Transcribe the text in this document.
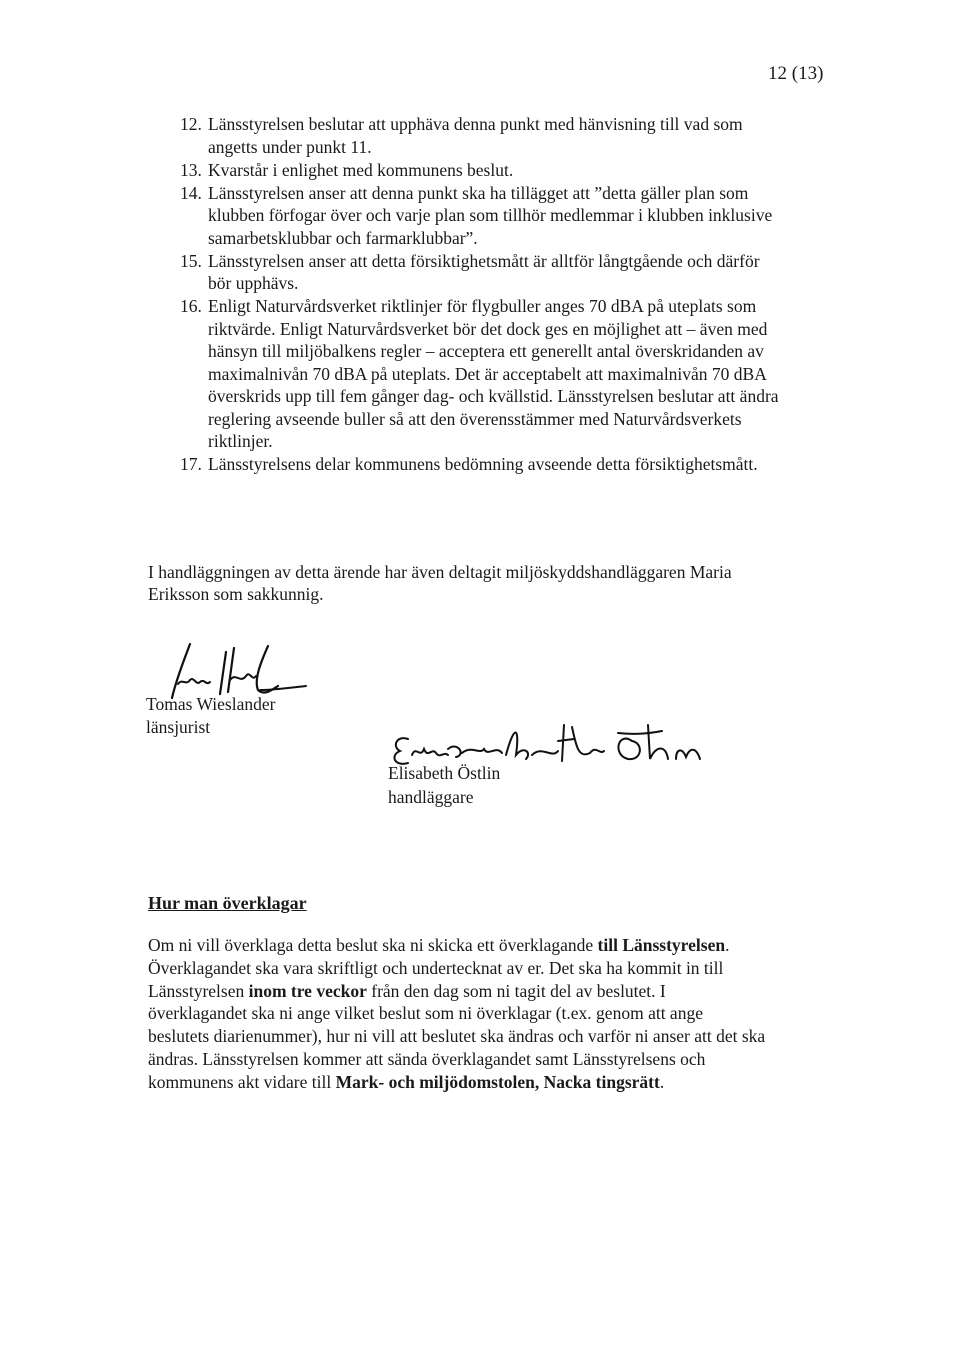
12 (13)
12. Länsstyrelsen beslutar att upphäva denna punkt med hänvisning till vad som angetts under punkt 11.
13. Kvarstår i enlighet med kommunens beslut.
14. Länsstyrelsen anser att denna punkt ska ha tillägget att ”detta gäller plan som klubben förfogar över och varje plan som tillhör medlemmar i klubben inklusive samarbetsklubbar och farmarklubbar”.
15. Länsstyrelsen anser att detta försiktighetsmått är alltför långtgående och därför bör upphävs.
16. Enligt Naturvårdsverket riktlinjer för flygbuller anges 70 dBA på uteplats som riktvärde. Enligt Naturvårdsverket bör det dock ges en möjlighet att – även med hänsyn till miljöbalkens regler – acceptera ett generellt antal överskridanden av maximalnivån 70 dBA på uteplats. Det är acceptabelt att maximalnivån 70 dBA överskrids upp till fem gånger dag- och kvällstid. Länsstyrelsen beslutar att ändra reglering avseende buller så att den överensstämmer med Naturvårdsverkets riktlinjer.
17. Länsstyrelsens delar kommunens bedömning avseende detta försiktighetsmått.

I handläggningen av detta ärende har även deltagit miljöskyddshandläggaren Maria Eriksson som sakkunnig.

Tomas Wieslander
länsjurist
Elisabeth Östlin
handläggare
Hur man överklagar

Om ni vill överklaga detta beslut ska ni skicka ett överklagande till Länsstyrelsen. Överklagandet ska vara skriftligt och undertecknat av er. Det ska ha kommit in till Länsstyrelsen inom tre veckor från den dag som ni tagit del av beslutet. I överklagandet ska ni ange vilket beslut som ni överklagar (t.ex. genom att ange beslutets diarienummer), hur ni vill att beslutet ska ändras och varför ni anser att det ska ändras. Länsstyrelsen kommer att sända överklagandet samt Länsstyrelsens och kommunens akt vidare till Mark- och miljödomstolen, Nacka tingsrätt.
